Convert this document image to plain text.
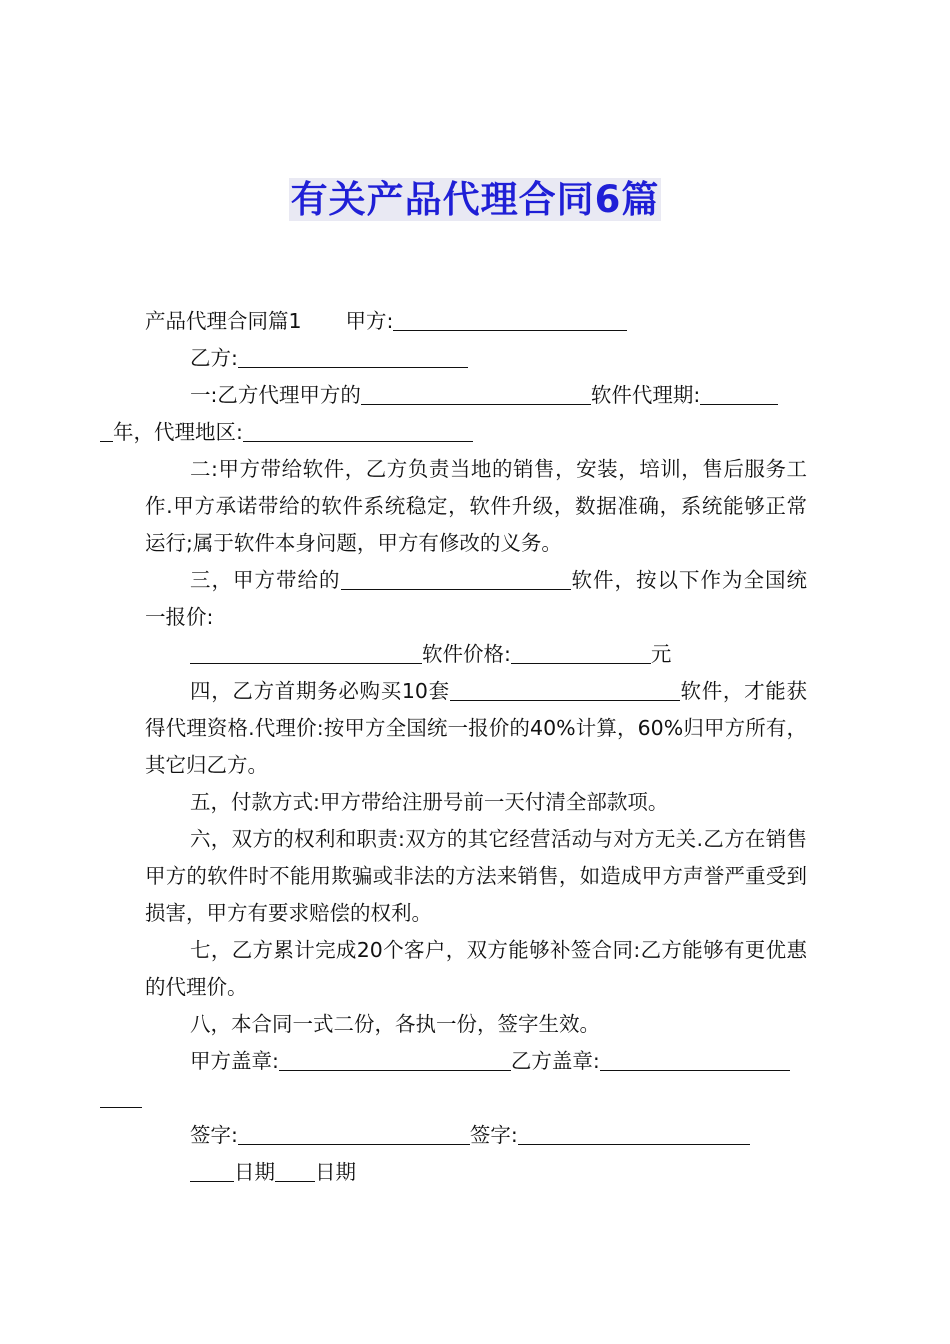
有关产品代理合同6篇

产品代理合同篇1 甲方:

乙方:

一:乙方代理甲方的	软件代理期:
年，代理地区:

二:甲方带给软件，乙方负责当地的销售，安装，培训，售后服务工作.甲方承诺带给的软件系统稳定，软件升级，数据准确，系统能够正常运行;属于软件本身问题，甲方有修改的义务。

三，甲方带给的	软件，按以下作为全国统一报价:

软件价格:	元

四，乙方首期务必购买10套	软件，才能获得代理资格.代理价:按甲方全国统一报价的40%计算，60%归甲方所有，其它归乙方。

五，付款方式:甲方带给注册号前一天付清全部款项。

六，双方的权利和职责:双方的其它经营活动与对方无关.乙方在销售甲方的软件时不能用欺骗或非法的方法来销售，如造成甲方声誉严重受到损害，甲方有要求赔偿的权利。

七，乙方累计完成20个客户，双方能够补签合同:乙方能够有更优惠的代理价。

八，本合同一式二份，各执一份，签字生效。

甲方盖章:	乙方盖章:

签字:	签字:

日期 日期
